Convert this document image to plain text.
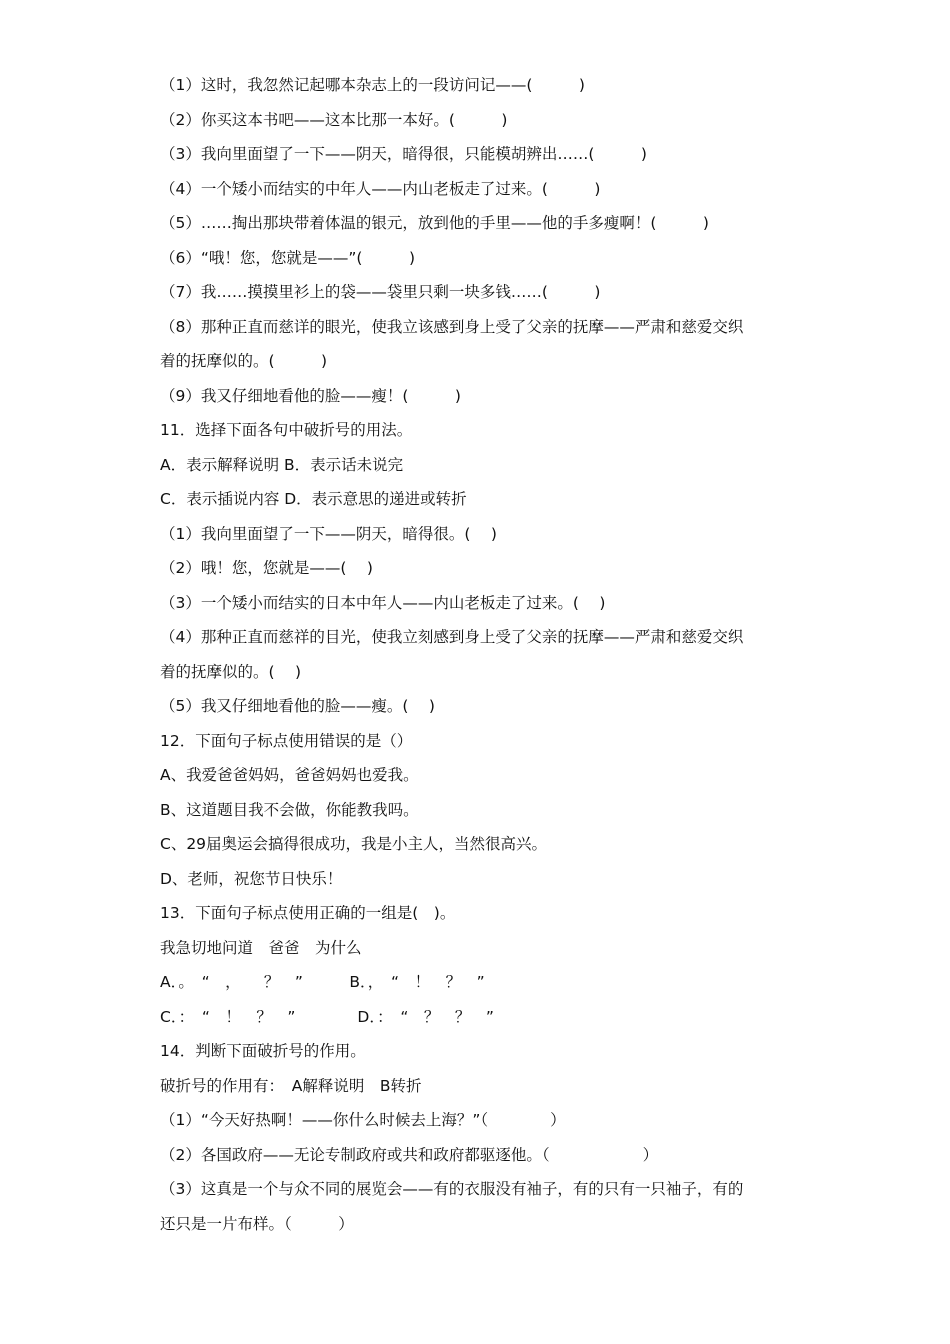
（1）这时，我忽然记起哪本杂志上的一段访问记——(　　　)
（2）你买这本书吧——这本比那一本好。(　　　)
（3）我向里面望了一下——阴天，暗得很，只能模胡辨出……(　　　)
（4）一个矮小而结实的中年人——内山老板走了过来。(　　　)
（5）……掏出那块带着体温的银元，放到他的手里——他的手多瘦啊！(　　　)
（6）“哦！您，您就是——”(　　　)
（7）我……摸摸里衫上的袋——袋里只剩一块多钱……(　　　)
（8）那种正直而慈详的眼光，使我立该感到身上受了父亲的抚摩——严肃和慈爱交织
着的抚摩似的。(　　　)
（9）我又仔细地看他的脸——瘦！(　　　)
11．选择下面各句中破折号的用法。
A．表示解释说明 B．表示话未说完
C．表示插说内容 D．表示意思的递进或转折
（1）我向里面望了一下——阴天，暗得很。(　 )
（2）哦！您，您就是——(　 )
（3）一个矮小而结实的日本中年人——内山老板走了过来。(　 )
（4）那种正直而慈祥的目光，使我立刻感到身上受了父亲的抚摩——严肃和慈爱交织
着的抚摩似的。(　 )
（5）我又仔细地看他的脸——瘦。(　 )
12．下面句子标点使用错误的是（）
A、我爱爸爸妈妈，爸爸妈妈也爱我。
B、这道题目我不会做，你能教我吗。
C、29届奥运会搞得很成功，我是小主人，当然很高兴。
D、老师，祝您节日快乐！
13．下面句子标点使用正确的一组是(　)。
我急切地问道　爸爸　为什么
A．。　“　，　　？　”　　　B．，　“　！　？　”
C．：　“　！　？　”　　　　D．：　“　？　？　”
14．判断下面破折号的作用。
破折号的作用有：　A解释说明　B转折
（1）“今天好热啊！——你什么时候去上海？”（　　　　）
（2）各国政府——无论专制政府或共和政府都驱逐他。（　　　　　　）
（3）这真是一个与众不同的展览会——有的衣服没有袖子，有的只有一只袖子，有的
还只是一片布样。（　　　）
